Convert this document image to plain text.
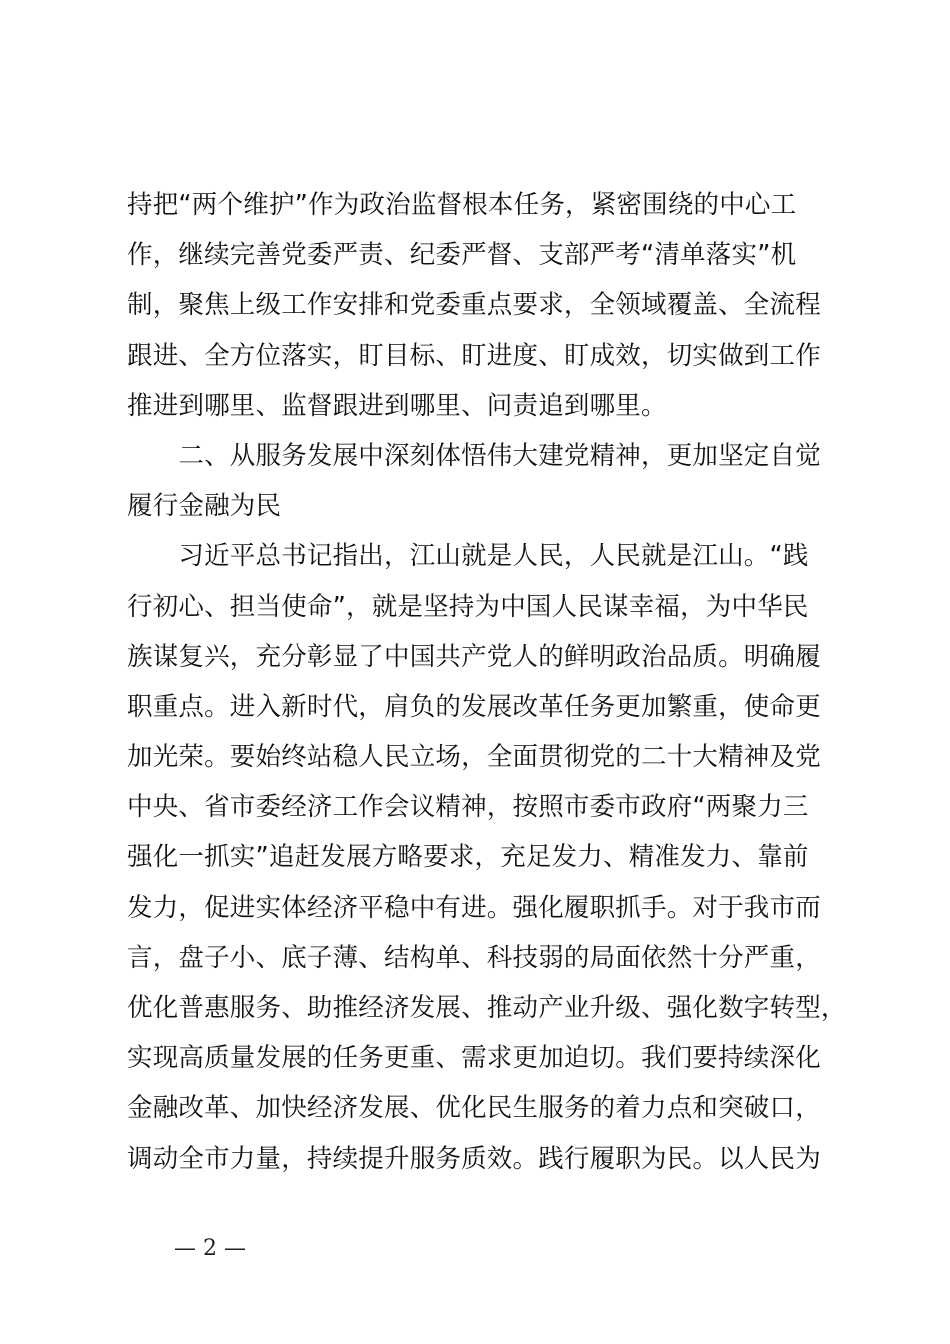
持把“两个维护”作为政治监督根本任务，紧密围绕的中心工
作，继续完善党委严责、纪委严督、支部严考“清单落实”机
制，聚焦上级工作安排和党委重点要求，全领域覆盖、全流程
跟进、全方位落实，盯目标、盯进度、盯成效，切实做到工作
推进到哪里、监督跟进到哪里、问责追到哪里。
　　二、从服务发展中深刻体悟伟大建党精神，更加坚定自觉
履行金融为民
　　习近平总书记指出，江山就是人民，人民就是江山。“践
行初心、担当使命”，就是坚持为中国人民谋幸福，为中华民
族谋复兴，充分彰显了中国共产党人的鲜明政治品质。明确履
职重点。进入新时代，肩负的发展改革任务更加繁重，使命更
加光荣。要始终站稳人民立场，全面贯彻党的二十大精神及党
中央、省市委经济工作会议精神，按照市委市政府“两聚力三
强化一抓实”追赶发展方略要求，充足发力、精准发力、靠前
发力，促进实体经济平稳中有进。强化履职抓手。对于我市而
言，盘子小、底子薄、结构单、科技弱的局面依然十分严重，
优化普惠服务、助推经济发展、推动产业升级、强化数字转型，
实现高质量发展的任务更重、需求更加迫切。我们要持续深化
金融改革、加快经济发展、优化民生服务的着力点和突破口，
调动全市力量，持续提升服务质效。践行履职为民。以人民为
— 2 —
